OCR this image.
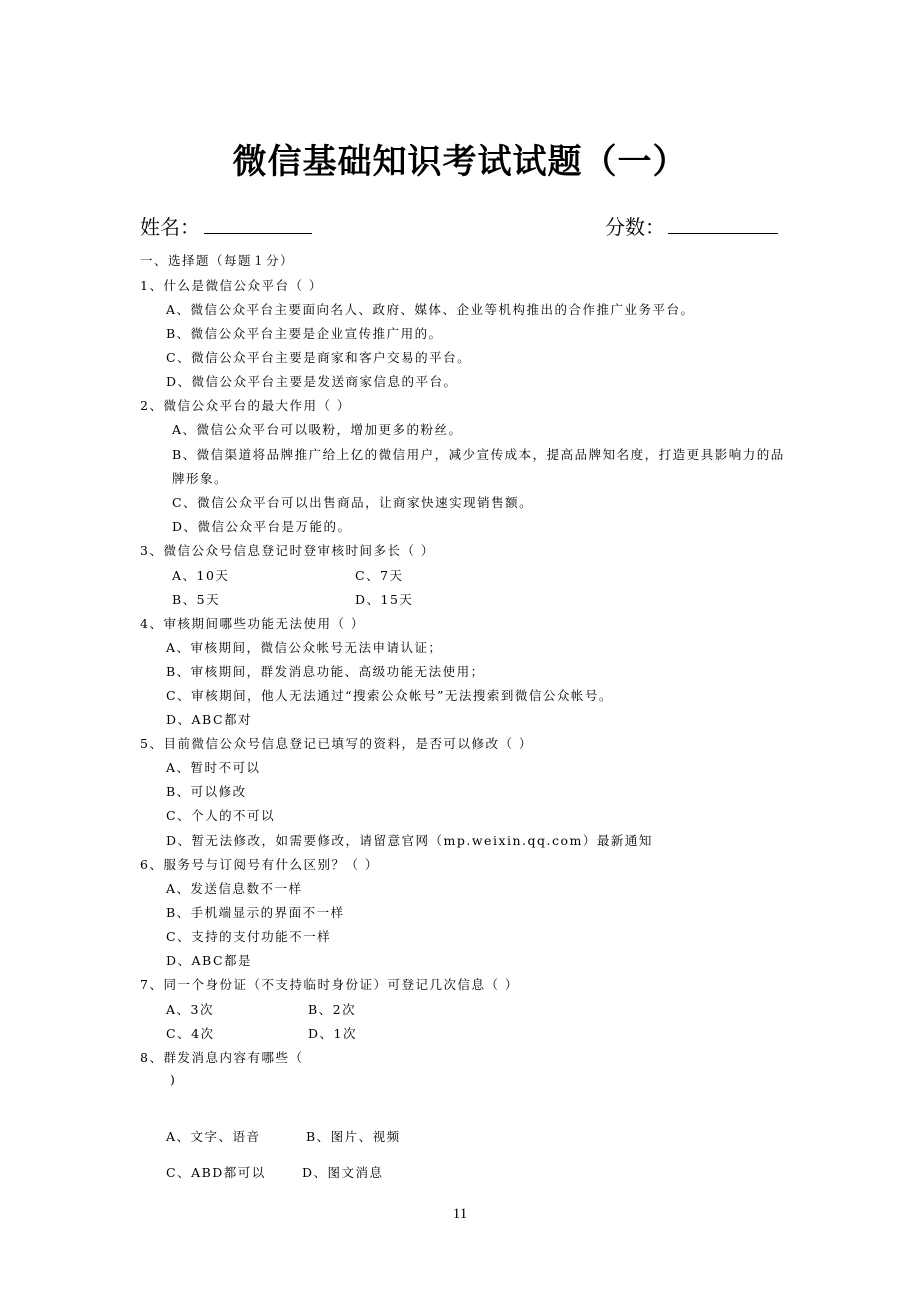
微信基础知识考试试题（一）
姓名：	分数：
一、选择题（每题１分）
1、什么是微信公众平台（ ）
A、微信公众平台主要面向名人、政府、媒体、企业等机构推出的合作推广业务平台。
B、微信公众平台主要是企业宣传推广用的。
C、微信公众平台主要是商家和客户交易的平台。
D、微信公众平台主要是发送商家信息的平台。
2、微信公众平台的最大作用（ ）
A、微信公众平台可以吸粉，增加更多的粉丝。
B、微信渠道将品牌推广给上亿的微信用户，减少宣传成本，提高品牌知名度，打造更具影响力的品
牌形象。
C、微信公众平台可以出售商品，让商家快速实现销售额。
D、微信公众平台是万能的。
3、微信公众号信息登记时登审核时间多长（ ）
A、10天	C、7天
B、5天	D、15天
4、审核期间哪些功能无法使用（ ）
A、审核期间，微信公众帐号无法申请认证；
B、审核期间，群发消息功能、高级功能无法使用；
C、审核期间，他人无法通过“搜索公众帐号”无法搜索到微信公众帐号。
D、ABC都对
5、目前微信公众号信息登记已填写的资料，是否可以修改（ ）
A、暂时不可以
B、可以修改
C、个人的不可以
D、暂无法修改，如需要修改，请留意官网（mp.weixin.qq.com）最新通知
6、服务号与订阅号有什么区别？（ ）
A、发送信息数不一样
B、手机端显示的界面不一样
C、支持的支付功能不一样
D、ABC都是
7、同一个身份证（不支持临时身份证）可登记几次信息（ ）
A、3次	B、2次
C、4次	D、1次
8、群发消息内容有哪些（
)
A、文字、语音	B、图片、视频
C、ABD都可以	D、图文消息
11
